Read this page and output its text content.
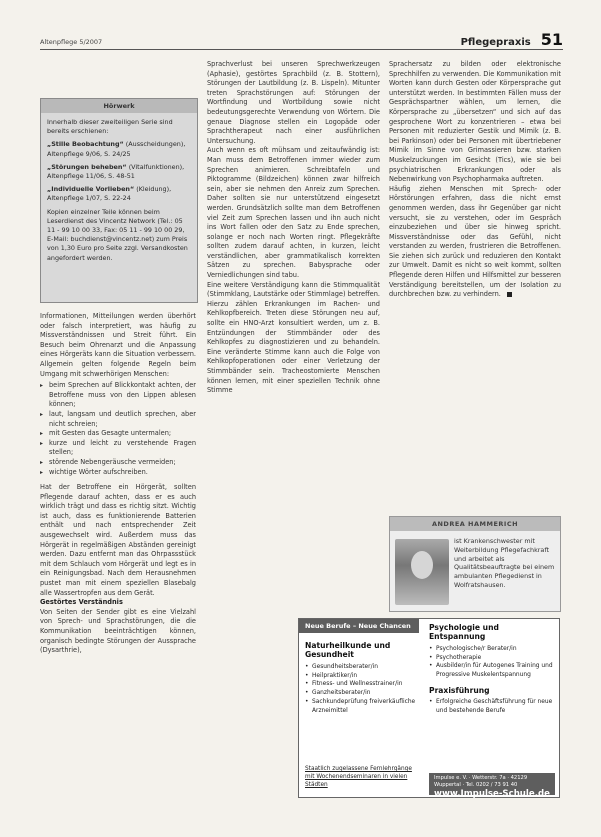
Altenpflege 5/2007	Pflegepraxis 51
Hörwerk

Innerhalb dieser zweiteiligen Serie sind bereits erschienen:

„Stille Beobachtung“ (Ausscheidungen), Altenpflege 9/06, S. 24/25

„Störungen beheben“ (Vitalfunktionen), Altenpflege 11/06, S. 48-51

„Individuelle Vorlieben“ (Kleidung), Altenpflege 1/07, S. 22-24

Kopien einzelner Teile können beim Leserdienst des Vincentz Network (Tel.: 05 11 - 99 10 00 33, Fax: 05 11 - 99 10 00 29, E-Mail: buchdienst@vincentz.net) zum Preis von 1,30 Euro pro Seite zzgl. Versandkosten angefordert werden.

Informationen, Mitteilungen werden überhört oder falsch interpretiert, was häufig zu Missverständnissen und Streit führt. Ein Besuch beim Ohrenarzt und die Anpassung eines Hörgeräts kann die Situation verbessern. Allgemein gelten folgende Regeln beim Umgang mit schwerhörigen Menschen:

▸ beim Sprechen auf Blickkontakt achten, der Betroffene muss von den Lippen ablesen können;
▸ laut, langsam und deutlich sprechen, aber nicht schreien;
▸ mit Gesten das Gesagte untermalen;
▸ kurze und leicht zu verstehende Fragen stellen;
▸ störende Nebengeräusche vermeiden;
▸ wichtige Wörter aufschreiben.

Hat der Betroffene ein Hörgerät, sollten Pflegende darauf achten, dass er es auch wirklich trägt und dass es richtig sitzt. Wichtig ist auch, dass es funktionierende Batterien enthält und nach entsprechender Zeit ausgewechselt wird. Außerdem muss das Hörgerät in regelmäßigen Abständen gereinigt werden. Dazu entfernt man das Ohrpassstück mit dem Schlauch vom Hörgerät und legt es in ein Reinigungsbad. Nach dem Herausnehmen pustet man mit einem speziellen Blasebalg alle Wassertropfen aus dem Gerät.

Gestörtes Verständnis

Von Seiten der Sender gibt es eine Vielzahl von Sprech- und Sprachstörungen, die die Kommunikation beeinträchtigen können, organisch bedingte Störungen der Aussprache (Dysarthrie),

Sprachverlust bei unseren Sprechwerkzeugen (Aphasie), gestörtes Sprachbild (z. B. Stottern), Störungen der Lautbildung (z. B. Lispeln). Mitunter treten Sprachstörungen auf: Störungen der Wortfindung und Wortbildung sowie nicht bedeutungsgerechte Verwendung von Wörtern. Die genaue Diagnose stellen ein Logopäde oder Sprachtherapeut nach einer ausführlichen Untersuchung.

Auch wenn es oft mühsam und zeitaufwändig ist: Man muss dem Betroffenen immer wieder zum Sprechen animieren. Schreibtafeln und Piktogramme (Bildzeichen) können zwar hilfreich sein, aber sie nehmen den Anreiz zum Sprechen. Daher sollten sie nur unterstützend eingesetzt werden. Grundsätzlich sollte man dem Betroffenen viel Zeit zum Sprechen lassen und ihn auch nicht ins Wort fallen oder den Satz zu Ende sprechen, solange er noch nach Worten ringt. Pflegekräfte sollten zudem darauf achten, in kurzen, leicht verständlichen, aber grammatikalisch korrekten Sätzen zu sprechen. Babysprache oder Verniedlichungen sind tabu.

Eine weitere Verständigung kann die Stimmqualität (Stimmklang, Lautstärke oder Stimmlage) betreffen. Hierzu zählen Erkrankungen im Rachen- und Kehlkopfbereich. Treten diese Störungen neu auf, sollte ein HNO-Arzt konsultiert werden, um z. B. Entzündungen der Stimmbänder oder des Kehlkopfes zu diagnostizieren und zu behandeln. Eine veränderte Stimme kann auch die Folge von Kehlkopfoperationen oder einer Verletzung der Stimmbänder sein. Tracheostomierte Menschen können lernen, mit einer speziellen Technik ohne Stimme

Sprachersatz zu bilden oder elektronische Sprechhilfen zu verwenden. Die Kommunikation mit Worten kann durch Gesten oder Körpersprache gut unterstützt werden. In bestimmten Fällen muss der Gesprächspartner wählen, um lernen, die Körpersprache zu „übersetzen“ und sich auf das gesprochene Wort zu konzentrieren – etwa bei Personen mit reduzierter Gestik und Mimik (z. B. bei Parkinson) oder bei Personen mit übertriebener Mimik im Sinne von Grimassieren bzw. starken Muskelzuckungen im Gesicht (Tics), wie sie bei psychiatrischen Erkrankungen oder als Nebenwirkung von Psychopharmaka auftreten.

Häufig ziehen Menschen mit Sprech- oder Hörstörungen erfahren, dass die nicht ernst genommen werden, dass ihr Gegenüber gar nicht versucht, sie zu verstehen, oder im Gespräch einzubeziehen und über sie hinweg spricht. Missverständnisse oder das Gefühl, nicht verstanden zu werden, frustrieren die Betroffenen. Sie ziehen sich zurück und reduzieren den Kontakt zur Umwelt. Damit es nicht so weit kommt, sollten Pflegende deren Hilfen und Hilfsmittel zur besseren Verständigung bereitstellen, um der Isolation zu durchbrechen bzw. zu verhindern.

ANDREA HAMMERICH
ist Krankenschwester mit Weiterbildung Pflegefachkraft und arbeitet als Qualitätsbeauftragte bei einem ambulanten Pflegedienst in Wolfratshausen.
Neue Berufe – Neue Chancen
Naturheilkunde und Gesundheit
• Gesundheitsberater/in
• Heilpraktiker/in
• Fitness- und Wellnesstrainer/in
• Ganzheitsberater/in
• Sachkundeprüfung freiverkäufliche Arzneimittel
Psychologie und Entspannung
• Psychologische/r Berater/in
• Psychotherapie
• Ausbilder/in für Autogenes Training und Progressive Muskelentspannung
Praxisführung
• Erfolgreiche Geschäftsführung für neue und bestehende Berufe
Staatlich zugelassene Fernlehrgänge mit Wochenendseminaren in vielen Städten
Impulse e. V. · Wetterstr. 7a · 42129 Wuppertal · Tel. 0202 / 73 91 40
www.Impulse-Schule.de
